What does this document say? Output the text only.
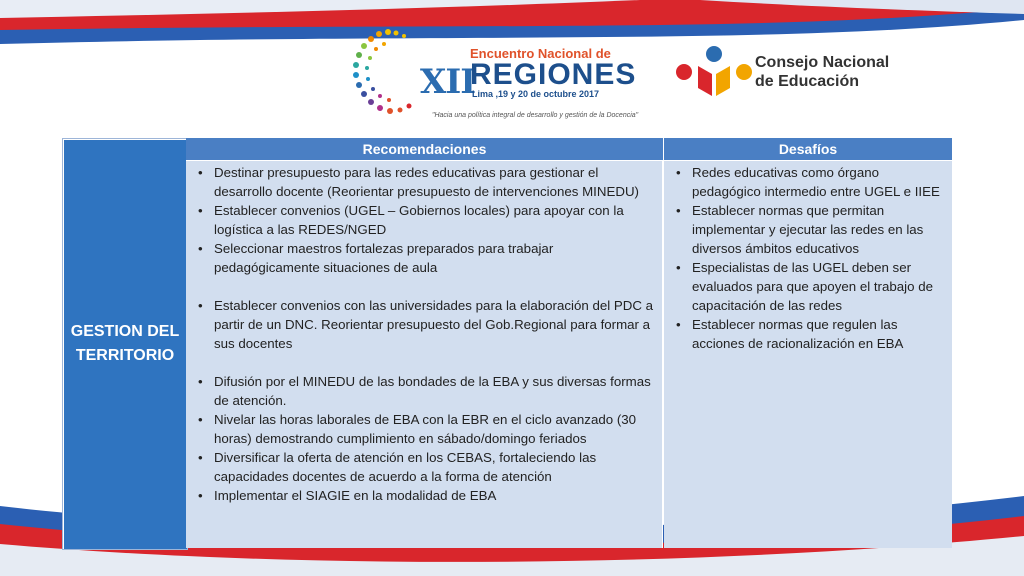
XII
Encuentro Nacional de
REGIONES
Lima ,19 y 20 de octubre 2017
"Hacia una política integral de desarrollo y gestión de la Docencia"
Consejo Nacional
de Educación
GESTION DEL TERRITORIO
Recomendaciones
• Destinar presupuesto para las redes educativas para gestionar el desarrollo docente (Reorientar presupuesto de intervenciones MINEDU)
• Establecer convenios (UGEL – Gobiernos locales) para apoyar con la logística a las REDES/NGED
• Seleccionar maestros fortalezas preparados para trabajar pedagógicamente situaciones de aula
• Establecer convenios con las universidades para la elaboración del PDC a partir de un DNC. Reorientar presupuesto del Gob.Regional para formar a sus docentes
• Difusión por el MINEDU de las bondades de la EBA y sus diversas formas de atención.
• Nivelar las horas laborales de EBA con la EBR en el ciclo avanzado (30 horas) demostrando cumplimiento en sábado/domingo feriados
• Diversificar la oferta de atención en los CEBAS, fortaleciendo las capacidades docentes de acuerdo a la forma de atención
• Implementar el SIAGIE en la modalidad de EBA
Desafíos
• Redes educativas como órgano pedagógico intermedio entre UGEL e IIEE
• Establecer normas que permitan implementar y ejecutar las redes en las diversos ámbitos educativos
• Especialistas de las UGEL deben ser evaluados para que apoyen el trabajo de capacitación de las redes
• Establecer normas que regulen las acciones de racionalización en EBA
